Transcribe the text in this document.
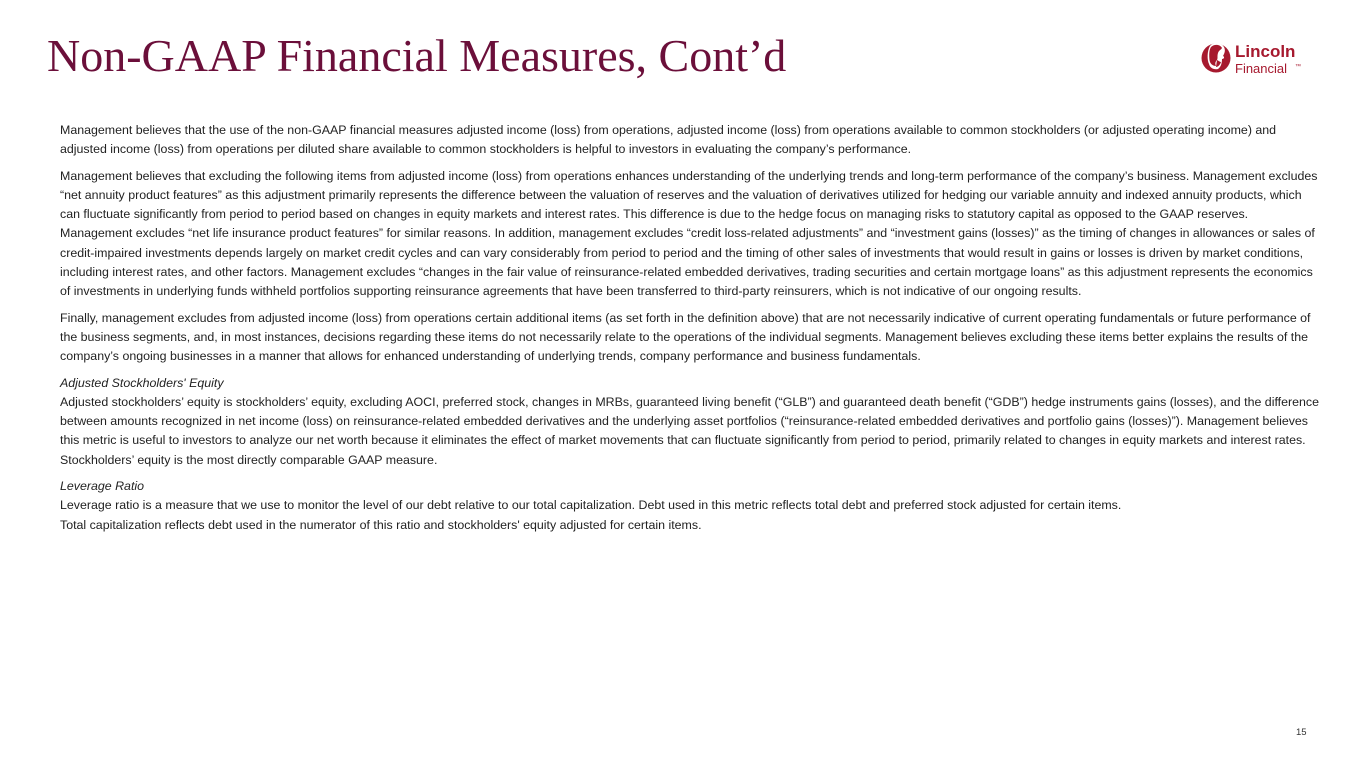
Non-GAAP Financial Measures, Cont’d	Lincoln
Financial ™

Management believes that the use of the non-GAAP financial measures adjusted income (loss) from operations, adjusted income (loss) from operations available to common stockholders (or adjusted operating income) and adjusted income (loss) from operations per diluted share available to common stockholders is helpful to investors in evaluating the company’s performance.

Management believes that excluding the following items from adjusted income (loss) from operations enhances understanding of the underlying trends and long-term performance of the company’s business. Management excludes “net annuity product features” as this adjustment primarily represents the difference between the valuation of reserves and the valuation of derivatives utilized for hedging our variable annuity and indexed annuity products, which can fluctuate significantly from period to period based on changes in equity markets and interest rates. This difference is due to the hedge focus on managing risks to statutory capital as opposed to the GAAP reserves. Management excludes “net life insurance product features” for similar reasons. In addition, management excludes “credit loss-related adjustments” and “investment gains (losses)” as the timing of changes in allowances or sales of credit-impaired investments depends largely on market credit cycles and can vary considerably from period to period and the timing of other sales of investments that would result in gains or losses is driven by market conditions, including interest rates, and other factors. Management excludes “changes in the fair value of reinsurance-related embedded derivatives, trading securities and certain mortgage loans” as this adjustment represents the economics of investments in underlying funds withheld portfolios supporting reinsurance agreements that have been transferred to third-party reinsurers, which is not indicative of our ongoing results.

Finally, management excludes from adjusted income (loss) from operations certain additional items (as set forth in the definition above) that are not necessarily indicative of current operating fundamentals or future performance of the business segments, and, in most instances, decisions regarding these items do not necessarily relate to the operations of the individual segments. Management believes excluding these items better explains the results of the company’s ongoing businesses in a manner that allows for enhanced understanding of underlying trends, company performance and business fundamentals.

Adjusted Stockholders' Equity
Adjusted stockholders’ equity is stockholders’ equity, excluding AOCI, preferred stock, changes in MRBs, guaranteed living benefit (“GLB”) and guaranteed death benefit (“GDB”) hedge instruments gains (losses), and the difference between amounts recognized in net income (loss) on reinsurance-related embedded derivatives and the underlying asset portfolios (“reinsurance-related embedded derivatives and portfolio gains (losses)”). Management believes this metric is useful to investors to analyze our net worth because it eliminates the effect of market movements that can fluctuate significantly from period to period, primarily related to changes in equity markets and interest rates. Stockholders’ equity is the most directly comparable GAAP measure.

Leverage Ratio
Leverage ratio is a measure that we use to monitor the level of our debt relative to our total capitalization. Debt used in this metric reflects total debt and preferred stock adjusted for certain items.
Total capitalization reflects debt used in the numerator of this ratio and stockholders' equity adjusted for certain items.

15
